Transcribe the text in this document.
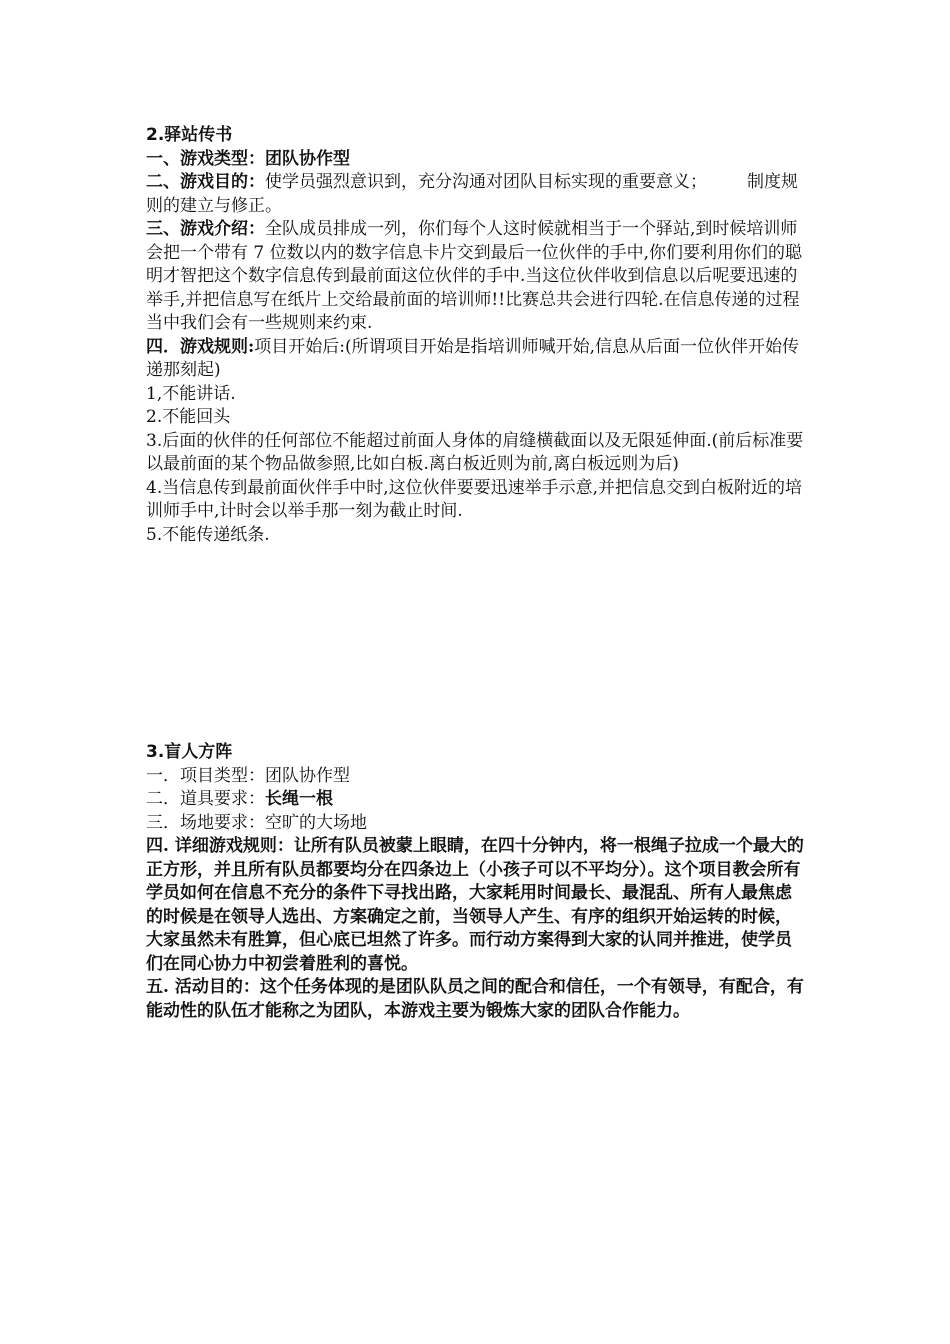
2.驿站传书

一、游戏类型：团队协作型

二、游戏目的：使学员强烈意识到，充分沟通对团队目标实现的重要意义； 制度规则的建立与修正。

三、游戏介绍：全队成员排成一列，你们每个人这时候就相当于一个驿站,到时候培训师会把一个带有 7 位数以内的数字信息卡片交到最后一位伙伴的手中,你们要利用你们的聪明才智把这个数字信息传到最前面这位伙伴的手中.当这位伙伴收到信息以后呢要迅速的举手,并把信息写在纸片上交给最前面的培训师!!比赛总共会进行四轮.在信息传递的过程当中我们会有一些规则来约束.

四．游戏规则:项目开始后:(所谓项目开始是指培训师喊开始,信息从后面一位伙伴开始传递那刻起)

1,不能讲话.

2.不能回头

3.后面的伙伴的任何部位不能超过前面人身体的肩缝横截面以及无限延伸面.(前后标准要以最前面的某个物品做参照,比如白板.离白板近则为前,离白板远则为后)

4.当信息传到最前面伙伴手中时,这位伙伴要要迅速举手示意,并把信息交到白板附近的培训师手中,计时会以举手那一刻为截止时间.

5.不能传递纸条.

3.盲人方阵

一．项目类型：团队协作型

二．道具要求：长绳一根

三．场地要求：空旷的大场地

四. 详细游戏规则：让所有队员被蒙上眼睛，在四十分钟内，将一根绳子拉成一个最大的正方形，并且所有队员都要均分在四条边上（小孩子可以不平均分）。这个项目教会所有学员如何在信息不充分的条件下寻找出路，大家耗用时间最长、最混乱、所有人最焦虑的时候是在领导人选出、方案确定之前，当领导人产生、有序的组织开始运转的时候，大家虽然未有胜算，但心底已坦然了许多。而行动方案得到大家的认同并推进，使学员们在同心协力中初尝着胜利的喜悦。

五. 活动目的：这个任务体现的是团队队员之间的配合和信任，一个有领导，有配合，有能动性的队伍才能称之为团队，本游戏主要为锻炼大家的团队合作能力。
